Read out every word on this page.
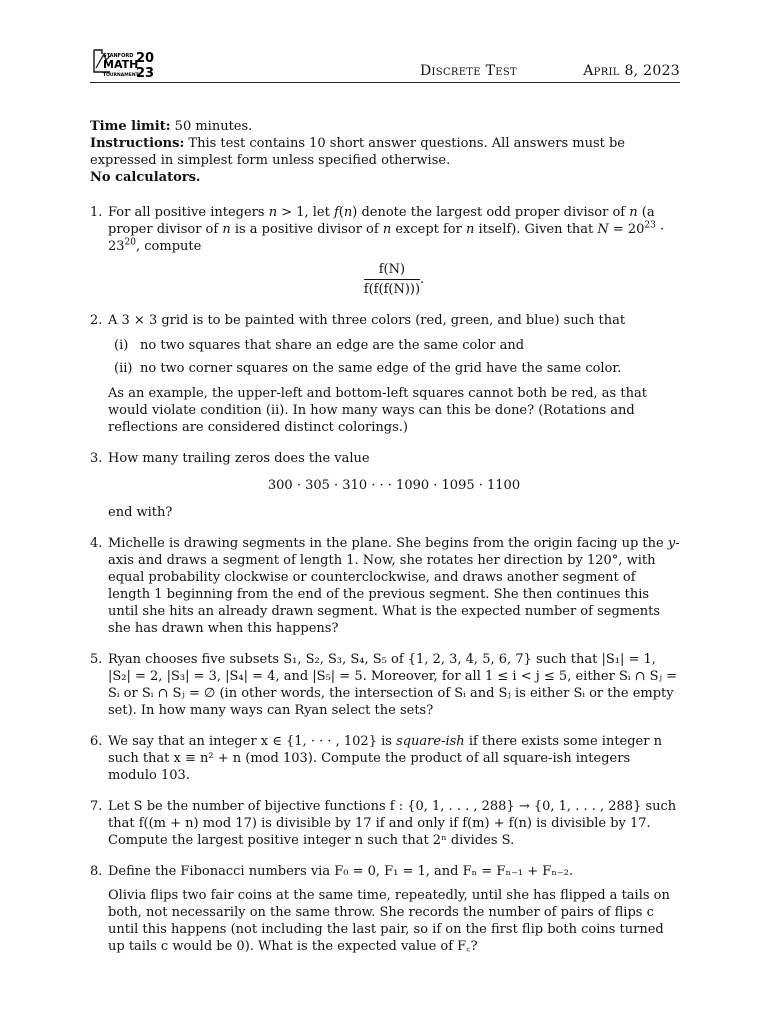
STANFORD
MATH
TOURNAMENT
20
23	Discrete Test	April 8, 2023

Time limit: 50 minutes.

Instructions: This test contains 10 short answer questions. All answers must be expressed in simplest form unless specified otherwise.

No calculators.

1. For all positive integers n > 1, let f(n) denote the largest odd proper divisor of n (a proper divisor of n is a positive divisor of n except for n itself). Given that $N = 20^{23} \cdot 23^{20}$, compute

$\frac{f(N)}{f(f(f(N)))}$ .
2. A 3 × 3 grid is to be painted with three colors (red, green, and blue) such that

(i) no two squares that share an edge are the same color and
(ii) no two corner squares on the same edge of the grid have the same color.

As an example, the upper-left and bottom-left squares cannot both be red, as that would violate condition (ii). In how many ways can this be done? (Rotations and reflections are considered distinct colorings.)

3. How many trailing zeros does the value

300 · 305 · 310 · · · 1090 · 1095 · 1100

end with?

4. Michelle is drawing segments in the plane. She begins from the origin facing up the y-axis and draws a segment of length 1. Now, she rotates her direction by 120°, with equal probability clockwise or counterclockwise, and draws another segment of length 1 beginning from the end of the previous segment. She then continues this until she hits an already drawn segment. What is the expected number of segments she has drawn when this happens?

5. Ryan chooses five subsets S₁, S₂, S₃, S₄, S₅ of {1, 2, 3, 4, 5, 6, 7} such that |S₁| = 1, |S₂| = 2, |S₃| = 3, |S₄| = 4, and |S₅| = 5. Moreover, for all 1 ≤ i < j ≤ 5, either Sᵢ ∩ Sⱼ = Sᵢ or Sᵢ ∩ Sⱼ = ∅ (in other words, the intersection of Sᵢ and Sⱼ is either Sᵢ or the empty set). In how many ways can Ryan select the sets?

6. We say that an integer x ∈ {1, · · · , 102} is square-ish if there exists some integer n such that x ≡ n² + n (mod 103). Compute the product of all square-ish integers modulo 103.

7. Let S be the number of bijective functions f : {0, 1, . . . , 288} → {0, 1, . . . , 288} such that f((m + n) mod 17) is divisible by 17 if and only if f(m) + f(n) is divisible by 17. Compute the largest positive integer n such that 2ⁿ divides S.

8. Define the Fibonacci numbers via F₀ = 0, F₁ = 1, and Fₙ = Fₙ₋₁ + Fₙ₋₂.

Olivia flips two fair coins at the same time, repeatedly, until she has flipped a tails on both, not necessarily on the same throw. She records the number of pairs of flips c until this happens (not including the last pair, so if on the first flip both coins turned up tails c would be 0). What is the expected value of F꜀?
